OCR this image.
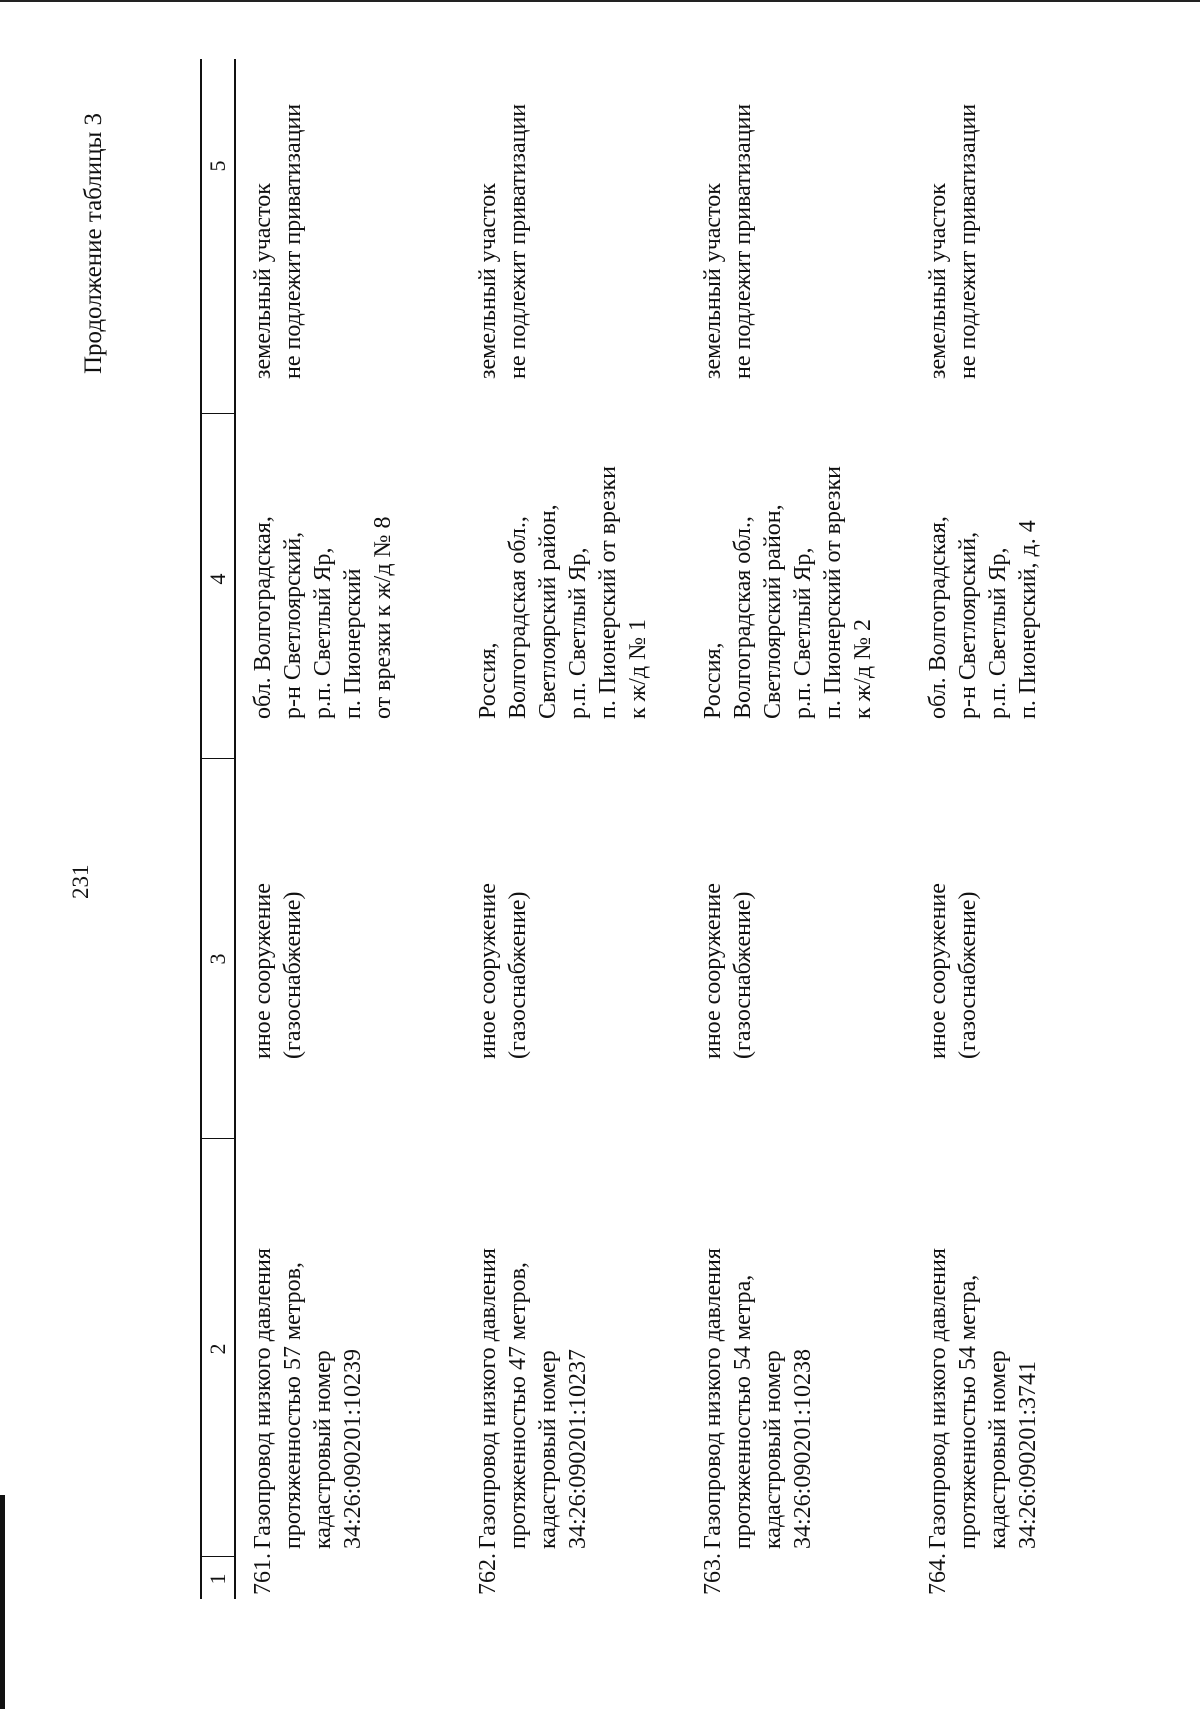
231
Продолжение таблицы 3
1
2
3
4
5
761.
Газопровод низкого давления протяженностью 57 метров, кадастровый номер 34:26:090201:10239
иное сооружение (газоснабжение)
обл. Волгоградская, р-н Светлоярский, р.п. Светлый Яр, п. Пионерский от врезки к ж/д № 8
земельный участок не подлежит приватизации
762.
Газопровод низкого давления протяженностью 47 метров, кадастровый номер 34:26:090201:10237
иное сооружение (газоснабжение)
Россия, Волгоградская обл., Светлоярский район, р.п. Светлый Яр, п. Пионерский от врезки к ж/д № 1
земельный участок не подлежит приватизации
763.
Газопровод низкого давления протяженностью 54 метра, кадастровый номер 34:26:090201:10238
иное сооружение (газоснабжение)
Россия, Волгоградская обл., Светлоярский район, р.п. Светлый Яр, п. Пионерский от врезки к ж/д № 2
земельный участок не подлежит приватизации
764.
Газопровод низкого давления протяженностью 54 метра, кадастровый номер 34:26:090201:3741
иное сооружение (газоснабжение)
обл. Волгоградская, р-н Светлоярский, р.п. Светлый Яр, п. Пионерский, д. 4
земельный участок не подлежит приватизации
